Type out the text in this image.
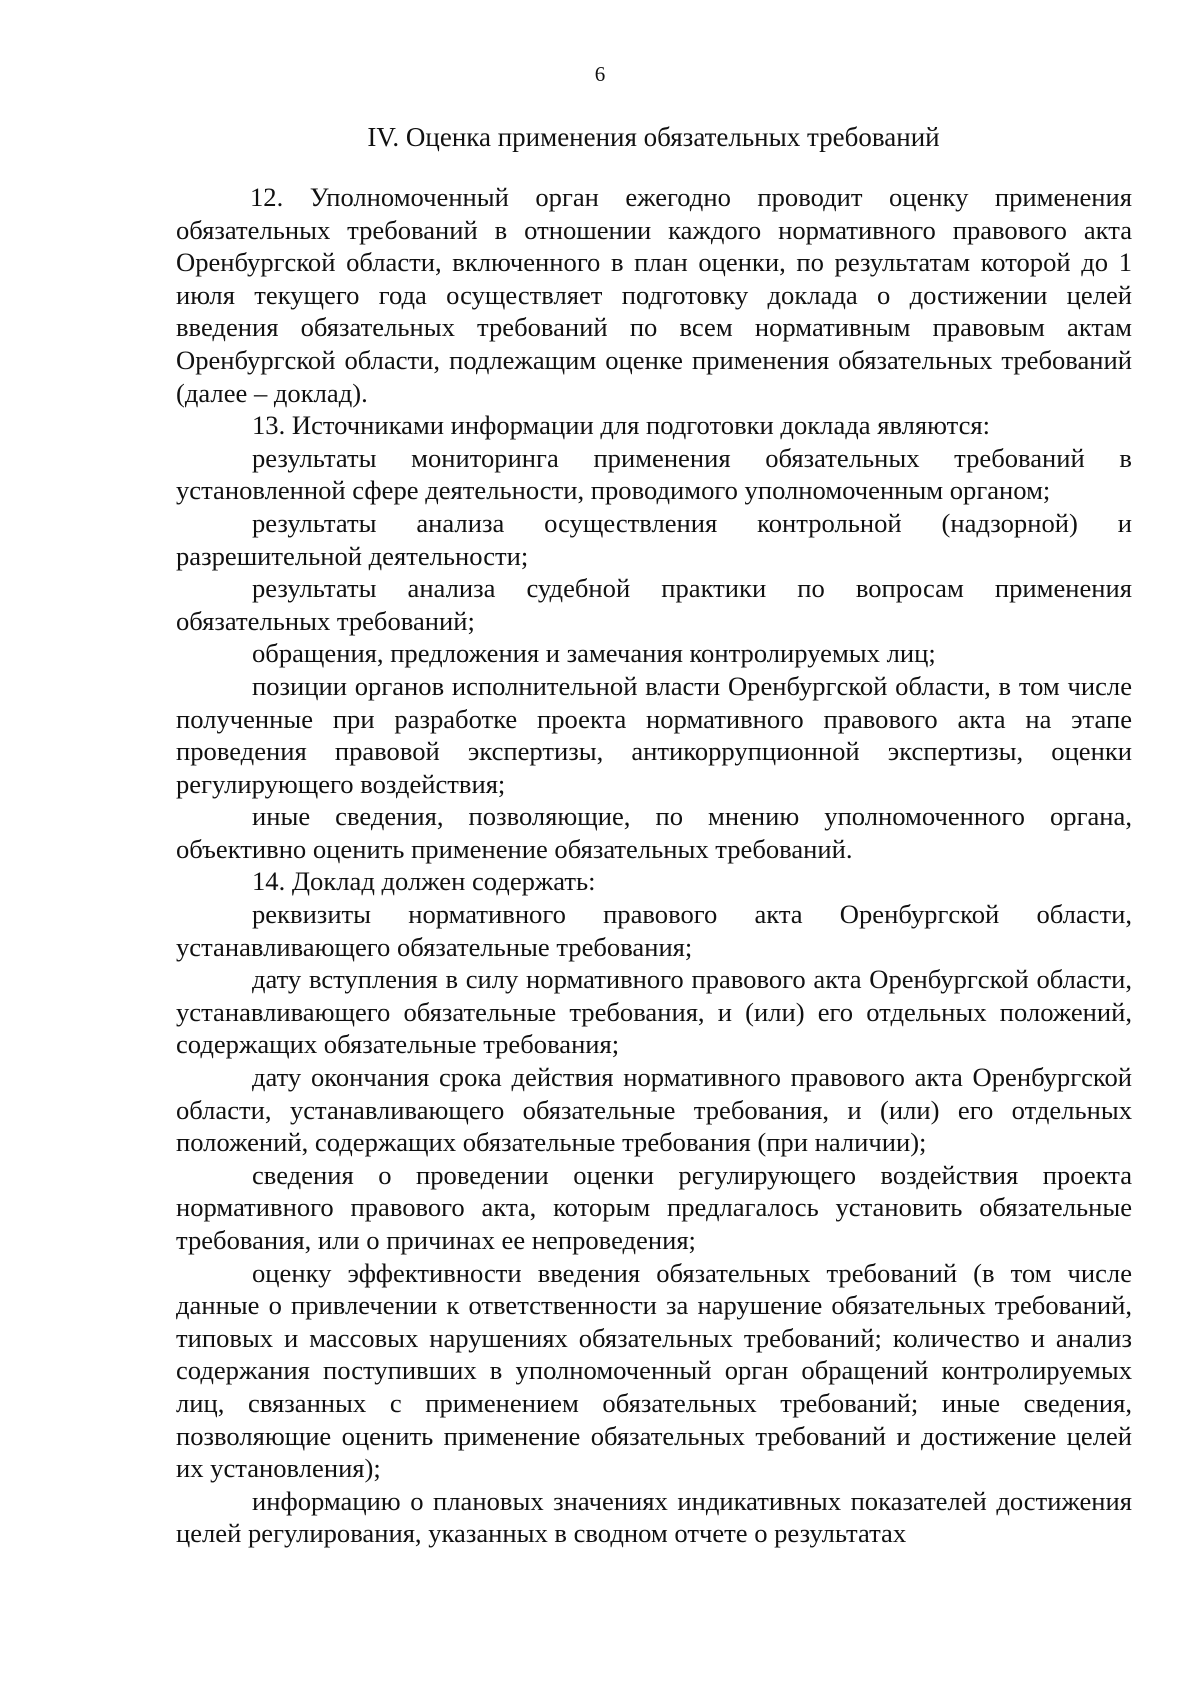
6
IV. Оценка применения обязательных требований

12. Уполномоченный орган ежегодно проводит оценку применения обязательных требований в отношении каждого нормативного правового акта Оренбургской области, включенного в план оценки, по результатам которой до 1 июля текущего года осуществляет подготовку доклада о достижении целей введения обязательных требований по всем нормативным правовым актам Оренбургской области, подлежащим оценке применения обязательных требований (далее – доклад).

13. Источниками информации для подготовки доклада являются:

результаты мониторинга применения обязательных требований в установленной сфере деятельности, проводимого уполномоченным органом;

результаты анализа осуществления контрольной (надзорной) и разрешительной деятельности;

результаты анализа судебной практики по вопросам применения обязательных требований;

обращения, предложения и замечания контролируемых лиц;

позиции органов исполнительной власти Оренбургской области, в том числе полученные при разработке проекта нормативного правового акта на этапе проведения правовой экспертизы, антикоррупционной экспертизы, оценки регулирующего воздействия;

иные сведения, позволяющие, по мнению уполномоченного органа, объективно оценить применение обязательных требований.

14. Доклад должен содержать:

реквизиты нормативного правового акта Оренбургской области, устанавливающего обязательные требования;

дату вступления в силу нормативного правового акта Оренбургской области, устанавливающего обязательные требования, и (или) его отдельных положений, содержащих обязательные требования;

дату окончания срока действия нормативного правового акта Оренбургской области, устанавливающего обязательные требования, и (или) его отдельных положений, содержащих обязательные требования (при наличии);

сведения о проведении оценки регулирующего воздействия проекта нормативного правового акта, которым предлагалось установить обязательные требования, или о причинах ее непроведения;

оценку эффективности введения обязательных требований (в том числе данные о привлечении к ответственности за нарушение обязательных требований, типовых и массовых нарушениях обязательных требований; количество и анализ содержания поступивших в уполномоченный орган обращений контролируемых лиц, связанных с применением обязательных требований; иные сведения, позволяющие оценить применение обязательных требований и достижение целей их установления);

информацию о плановых значениях индикативных показателей достижения целей регулирования, указанных в сводном отчете о результатах
